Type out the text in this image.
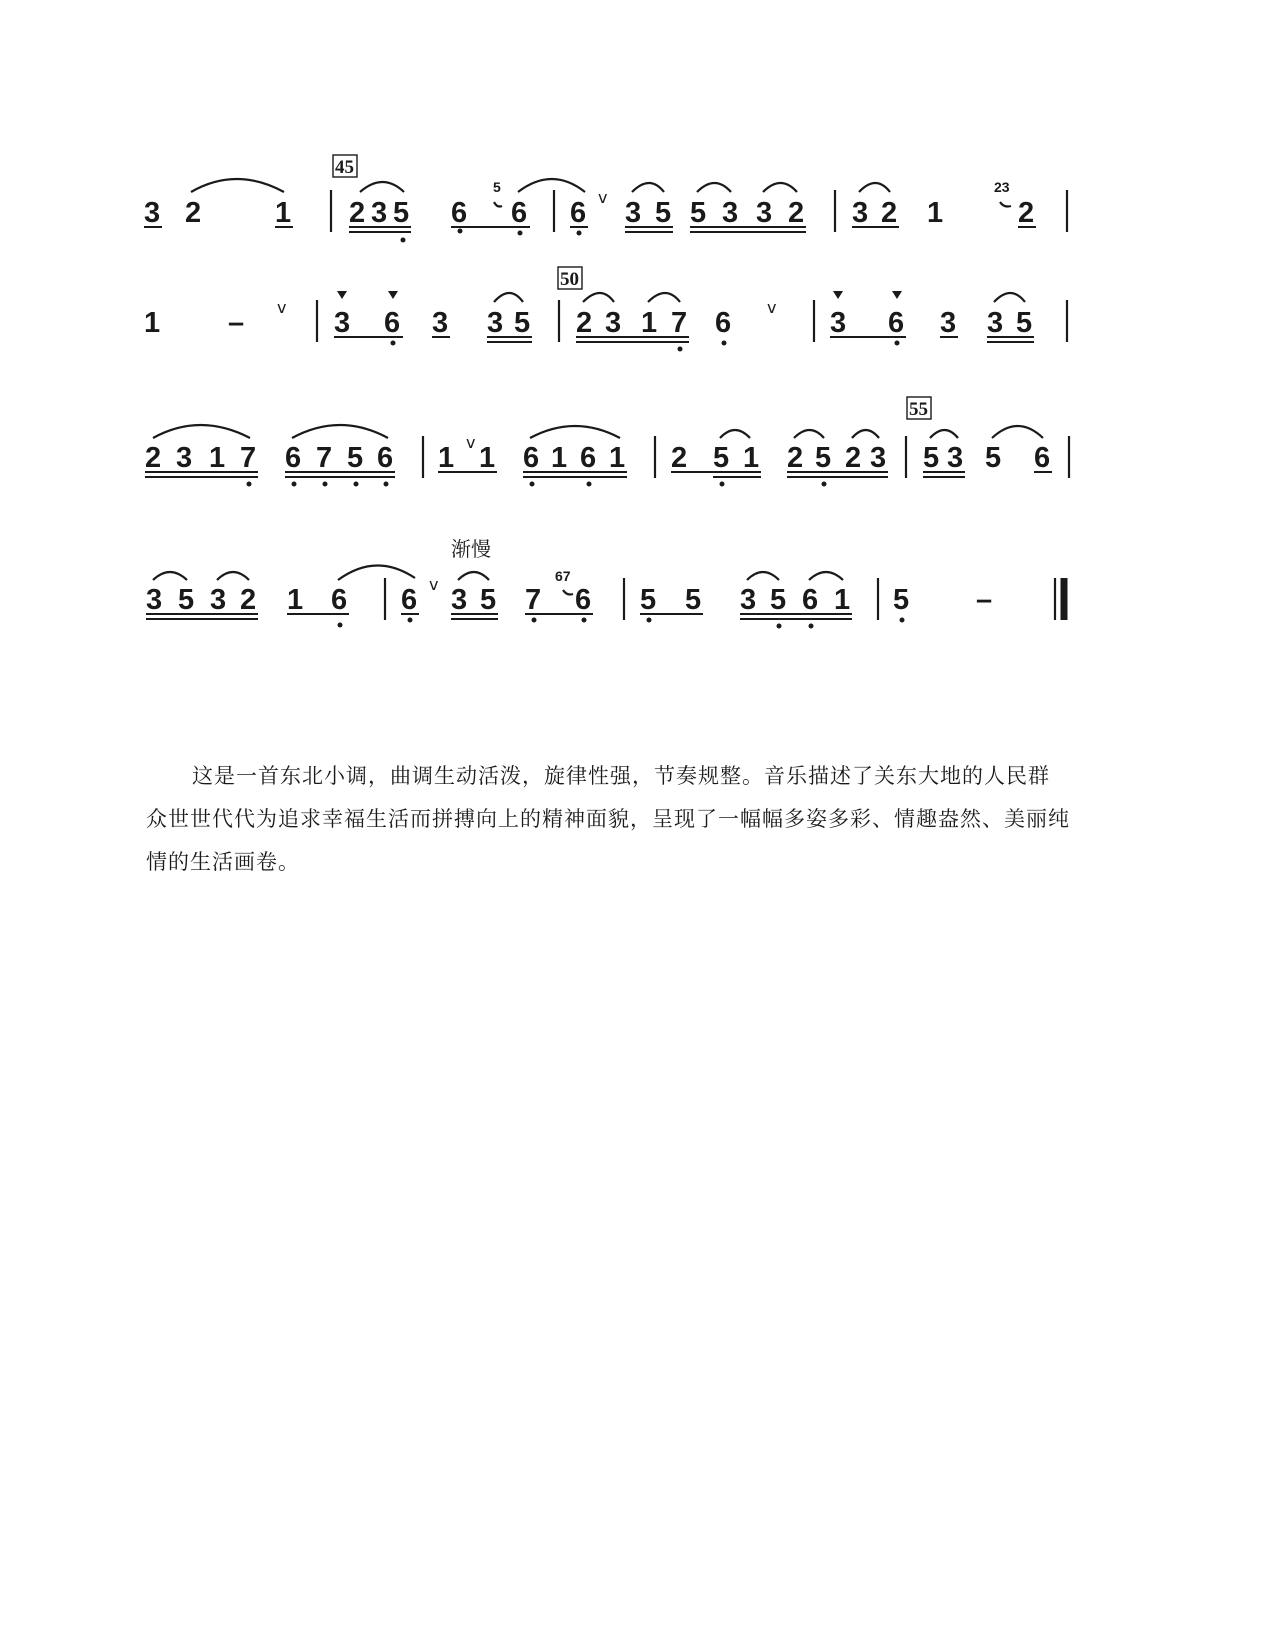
3 2	1
45
2 3 5 6
5
6 6 v 3 5 5 3 3 2 3 2 1
23
2
1 – v 3 6 3 3 5
50
2 3 1 7 6 v 3 6 3 3 5
2 3 1 7 6 7 5 6 1 v 1 6 1 6 1 2 5 1 2 5 2 3
55
5 3 5 6
3 5 3 2 1 6
渐慢
6 v 3 5 7
67
6 5 5 3 5 6 1 5 –

这是一首东北小调，曲调生动活泼，旋律性强，节奏规整。音乐描述了关东大地的人民群众世世代代为追求幸福生活而拼搏向上的精神面貌，呈现了一幅幅多姿多彩、情趣盎然、美丽纯情的生活画卷。
